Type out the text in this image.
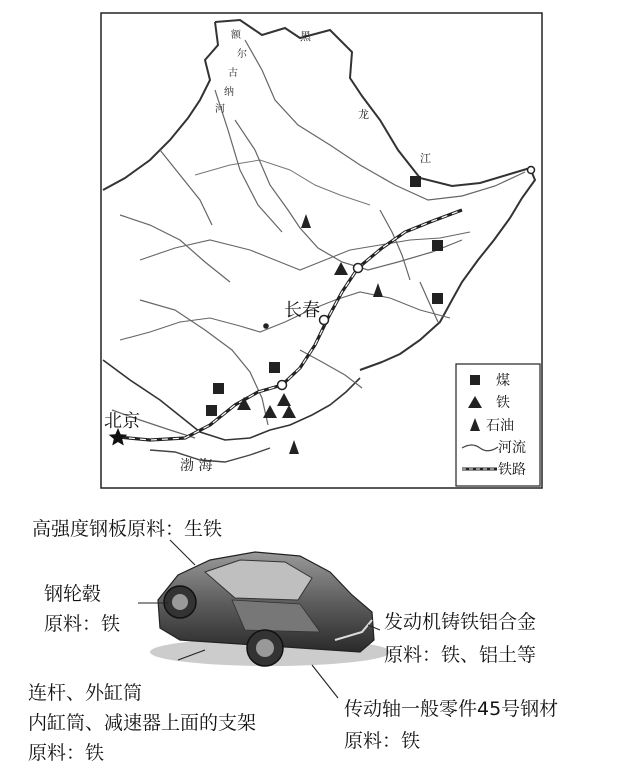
北京
长春
渤 海
黑
龙
江
额
尔
古
纳
河
煤
铁
石油
河流
铁路
高强度钢板原料：生铁
钢轮毂
原料：铁	发动机铸铁铝合金
原料：铁、铝土等
连杆、外缸筒
内缸筒、减速器上面的支架
原料：铁
传动轴一般零件45号钢材
原料：铁
